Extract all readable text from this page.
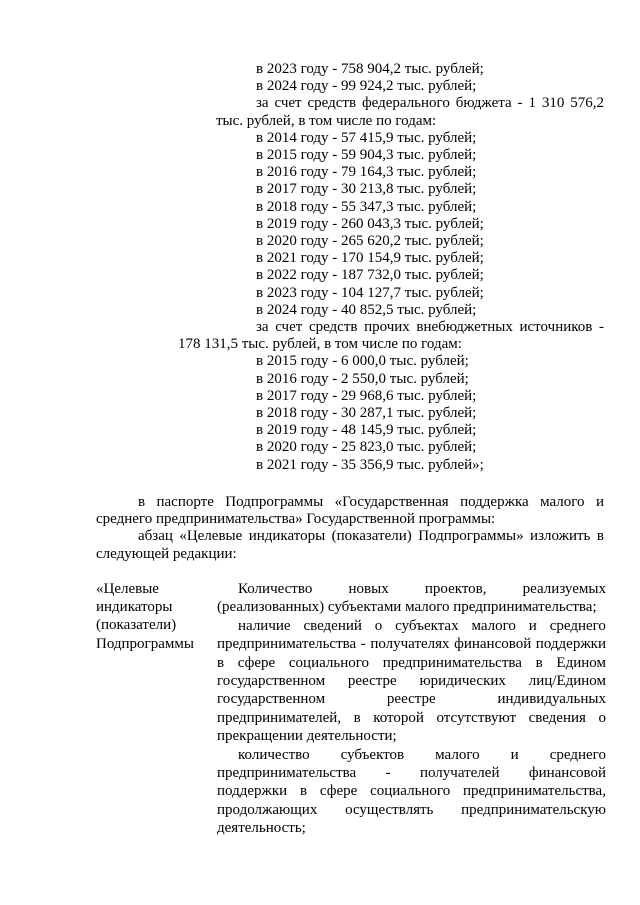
в 2023 году - 758 904,2 тыс. рублей;
в 2024 году - 99 924,2 тыс. рублей;
за счет средств федерального бюджета - 1 310 576,2
тыс. рублей, в том числе по годам:
в 2014 году - 57 415,9 тыс. рублей;
в 2015 году - 59 904,3 тыс. рублей;
в 2016 году - 79 164,3 тыс. рублей;
в 2017 году - 30 213,8 тыс. рублей;
в 2018 году - 55 347,3 тыс. рублей;
в 2019 году - 260 043,3 тыс. рублей;
в 2020 году - 265 620,2 тыс. рублей;
в 2021 году - 170 154,9 тыс. рублей;
в 2022 году - 187 732,0 тыс. рублей;
в 2023 году - 104 127,7 тыс. рублей;
в 2024 году - 40 852,5 тыс. рублей;
за счет средств прочих внебюджетных источников -
178 131,5 тыс. рублей, в том числе по годам:
в 2015 году - 6 000,0 тыс. рублей;
в 2016 году - 2 550,0 тыс. рублей;
в 2017 году - 29 968,6 тыс. рублей;
в 2018 году - 30 287,1 тыс. рублей;
в 2019 году - 48 145,9 тыс. рублей;
в 2020 году - 25 823,0 тыс. рублей;
в 2021 году - 35 356,9 тыс. рублей»;
в паспорте Подпрограммы «Государственная поддержка малого и
среднего предпринимательства» Государственной программы:
абзац «Целевые индикаторы (показатели) Подпрограммы» изложить в
следующей редакции:
«Целевые
индикаторы
(показатели)
Подпрограммы
Количество новых проектов, реализуемых
(реализованных) субъектами малого предпринимательства;
наличие сведений о субъектах малого и среднего
предпринимательства - получателях финансовой поддержки
в сфере социального предпринимательства в Едином
государственном реестре юридических лиц/Едином
государственном	реестре	индивидуальных
предпринимателей, в которой отсутствуют сведения о
прекращении деятельности;
количество субъектов малого и среднего
предпринимательства - получателей финансовой
поддержки в сфере социального предпринимательства,
продолжающих осуществлять предпринимательскую
деятельность;
